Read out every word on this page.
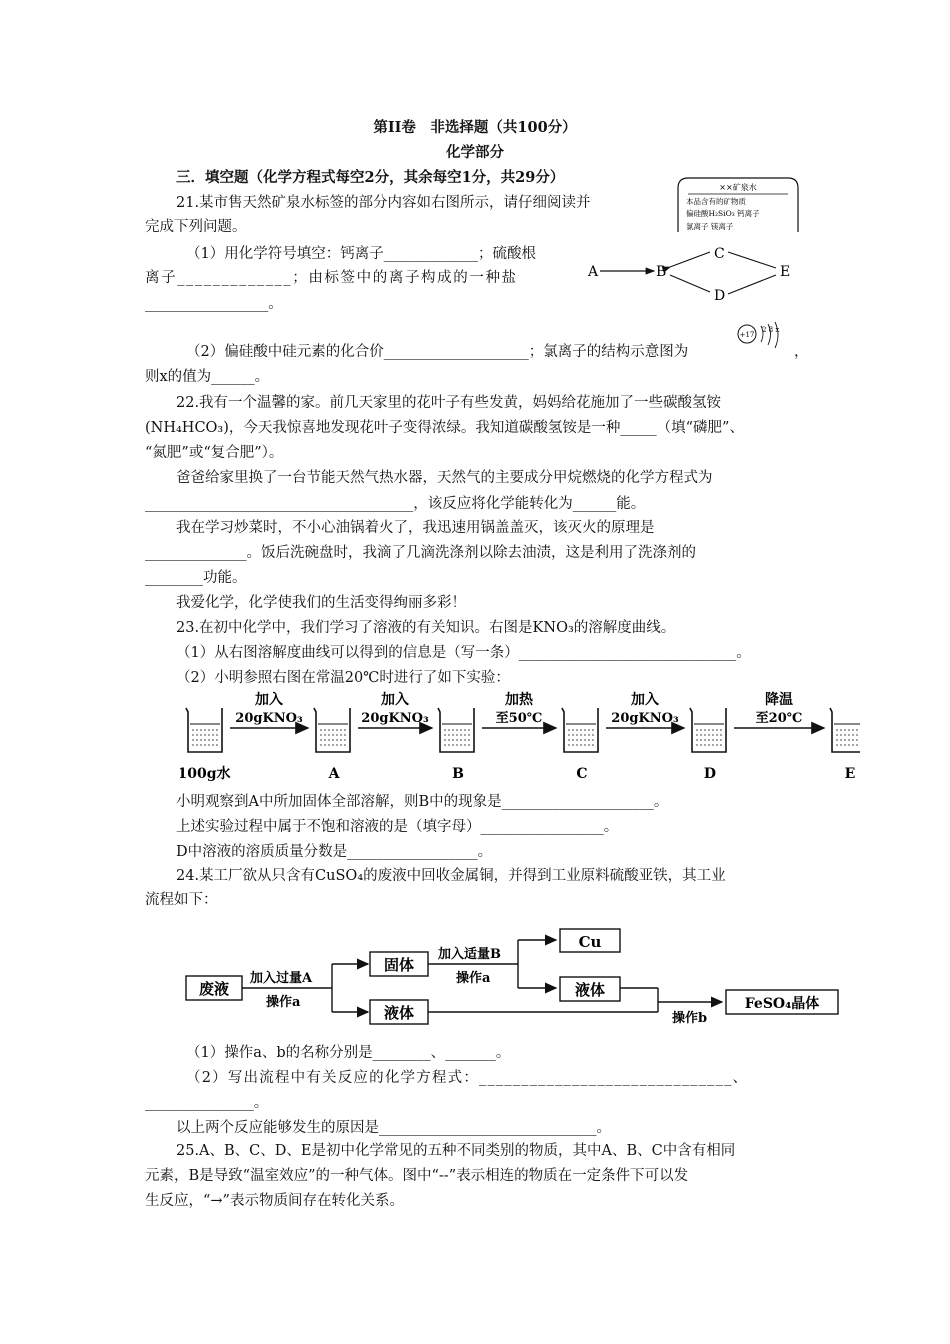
第II卷　非选择题（共100分）
化学部分
三．填空题（化学方程式每空2分，其余每空1分，共29分）
21.某市售天然矿泉水标签的部分内容如右图所示，请仔细阅读并
完成下列问题。
（1）用化学符号填空：钙离子_____________；硫酸根
离子_____________；由标签中的离子构成的一种盐
_________________。
（2）偏硅酸中硅元素的化合价____________________；氯离子的结构示意图为	，
则x的值为______。
××矿泉水
本品含有的矿物质
偏硅酸H₂SiO₃ 钙离子
氯离子 镁离子
A	B
C
D
E
+17
2 8 x
22.我有一个温馨的家。前几天家里的花叶子有些发黄，妈妈给花施加了一些碳酸氢铵
(NH₄HCO₃)，今天我惊喜地发现花叶子变得浓绿。我知道碳酸氢铵是一种_____（填“磷肥”、
“氮肥”或“复合肥”）。
爸爸给家里换了一台节能天然气热水器，天然气的主要成分甲烷燃烧的化学方程式为
_____________________________________，该反应将化学能转化为______能。
我在学习炒菜时，不小心油锅着火了，我迅速用锅盖盖灭，该灭火的原理是
______________。饭后洗碗盘时，我滴了几滴洗涤剂以除去油渍，这是利用了洗涤剂的
________功能。
我爱化学，化学使我们的生活变得绚丽多彩！
23.在初中化学中，我们学习了溶液的有关知识。右图是KNO₃的溶解度曲线。
（1）从右图溶解度曲线可以得到的信息是（写一条）______________________________。
（2）小明参照右图在常温20℃时进行了如下实验：
100g水	A	B	C	D	E
加入
20gKNO₃
加入
20gKNO₃
加热
至50℃
加入
20gKNO₃
降温
至20℃
小明观察到A中所加固体全部溶解，则B中的现象是_____________________。
上述实验过程中属于不饱和溶液的是（填字母）_________________。
D中溶液的溶质质量分数是__________________。
24.某工厂欲从只含有CuSO₄的废液中回收金属铜，并得到工业原料硫酸亚铁，其工业
流程如下：
废液
加入过量A
操作a
固体
液体
加入适量B
操作a
Cu
液体
操作b
FeSO₄晶体
（1）操作a、b的名称分别是________、_______。
（2）写出流程中有关反应的化学方程式：______________________________、
_______________。
以上两个反应能够发生的原因是______________________________。
25.A、B、C、D、E是初中化学常见的五种不同类别的物质，其中A、B、C中含有相同
元素，B是导致“温室效应”的一种气体。图中“--”表示相连的物质在一定条件下可以发
生反应，“→”表示物质间存在转化关系。
